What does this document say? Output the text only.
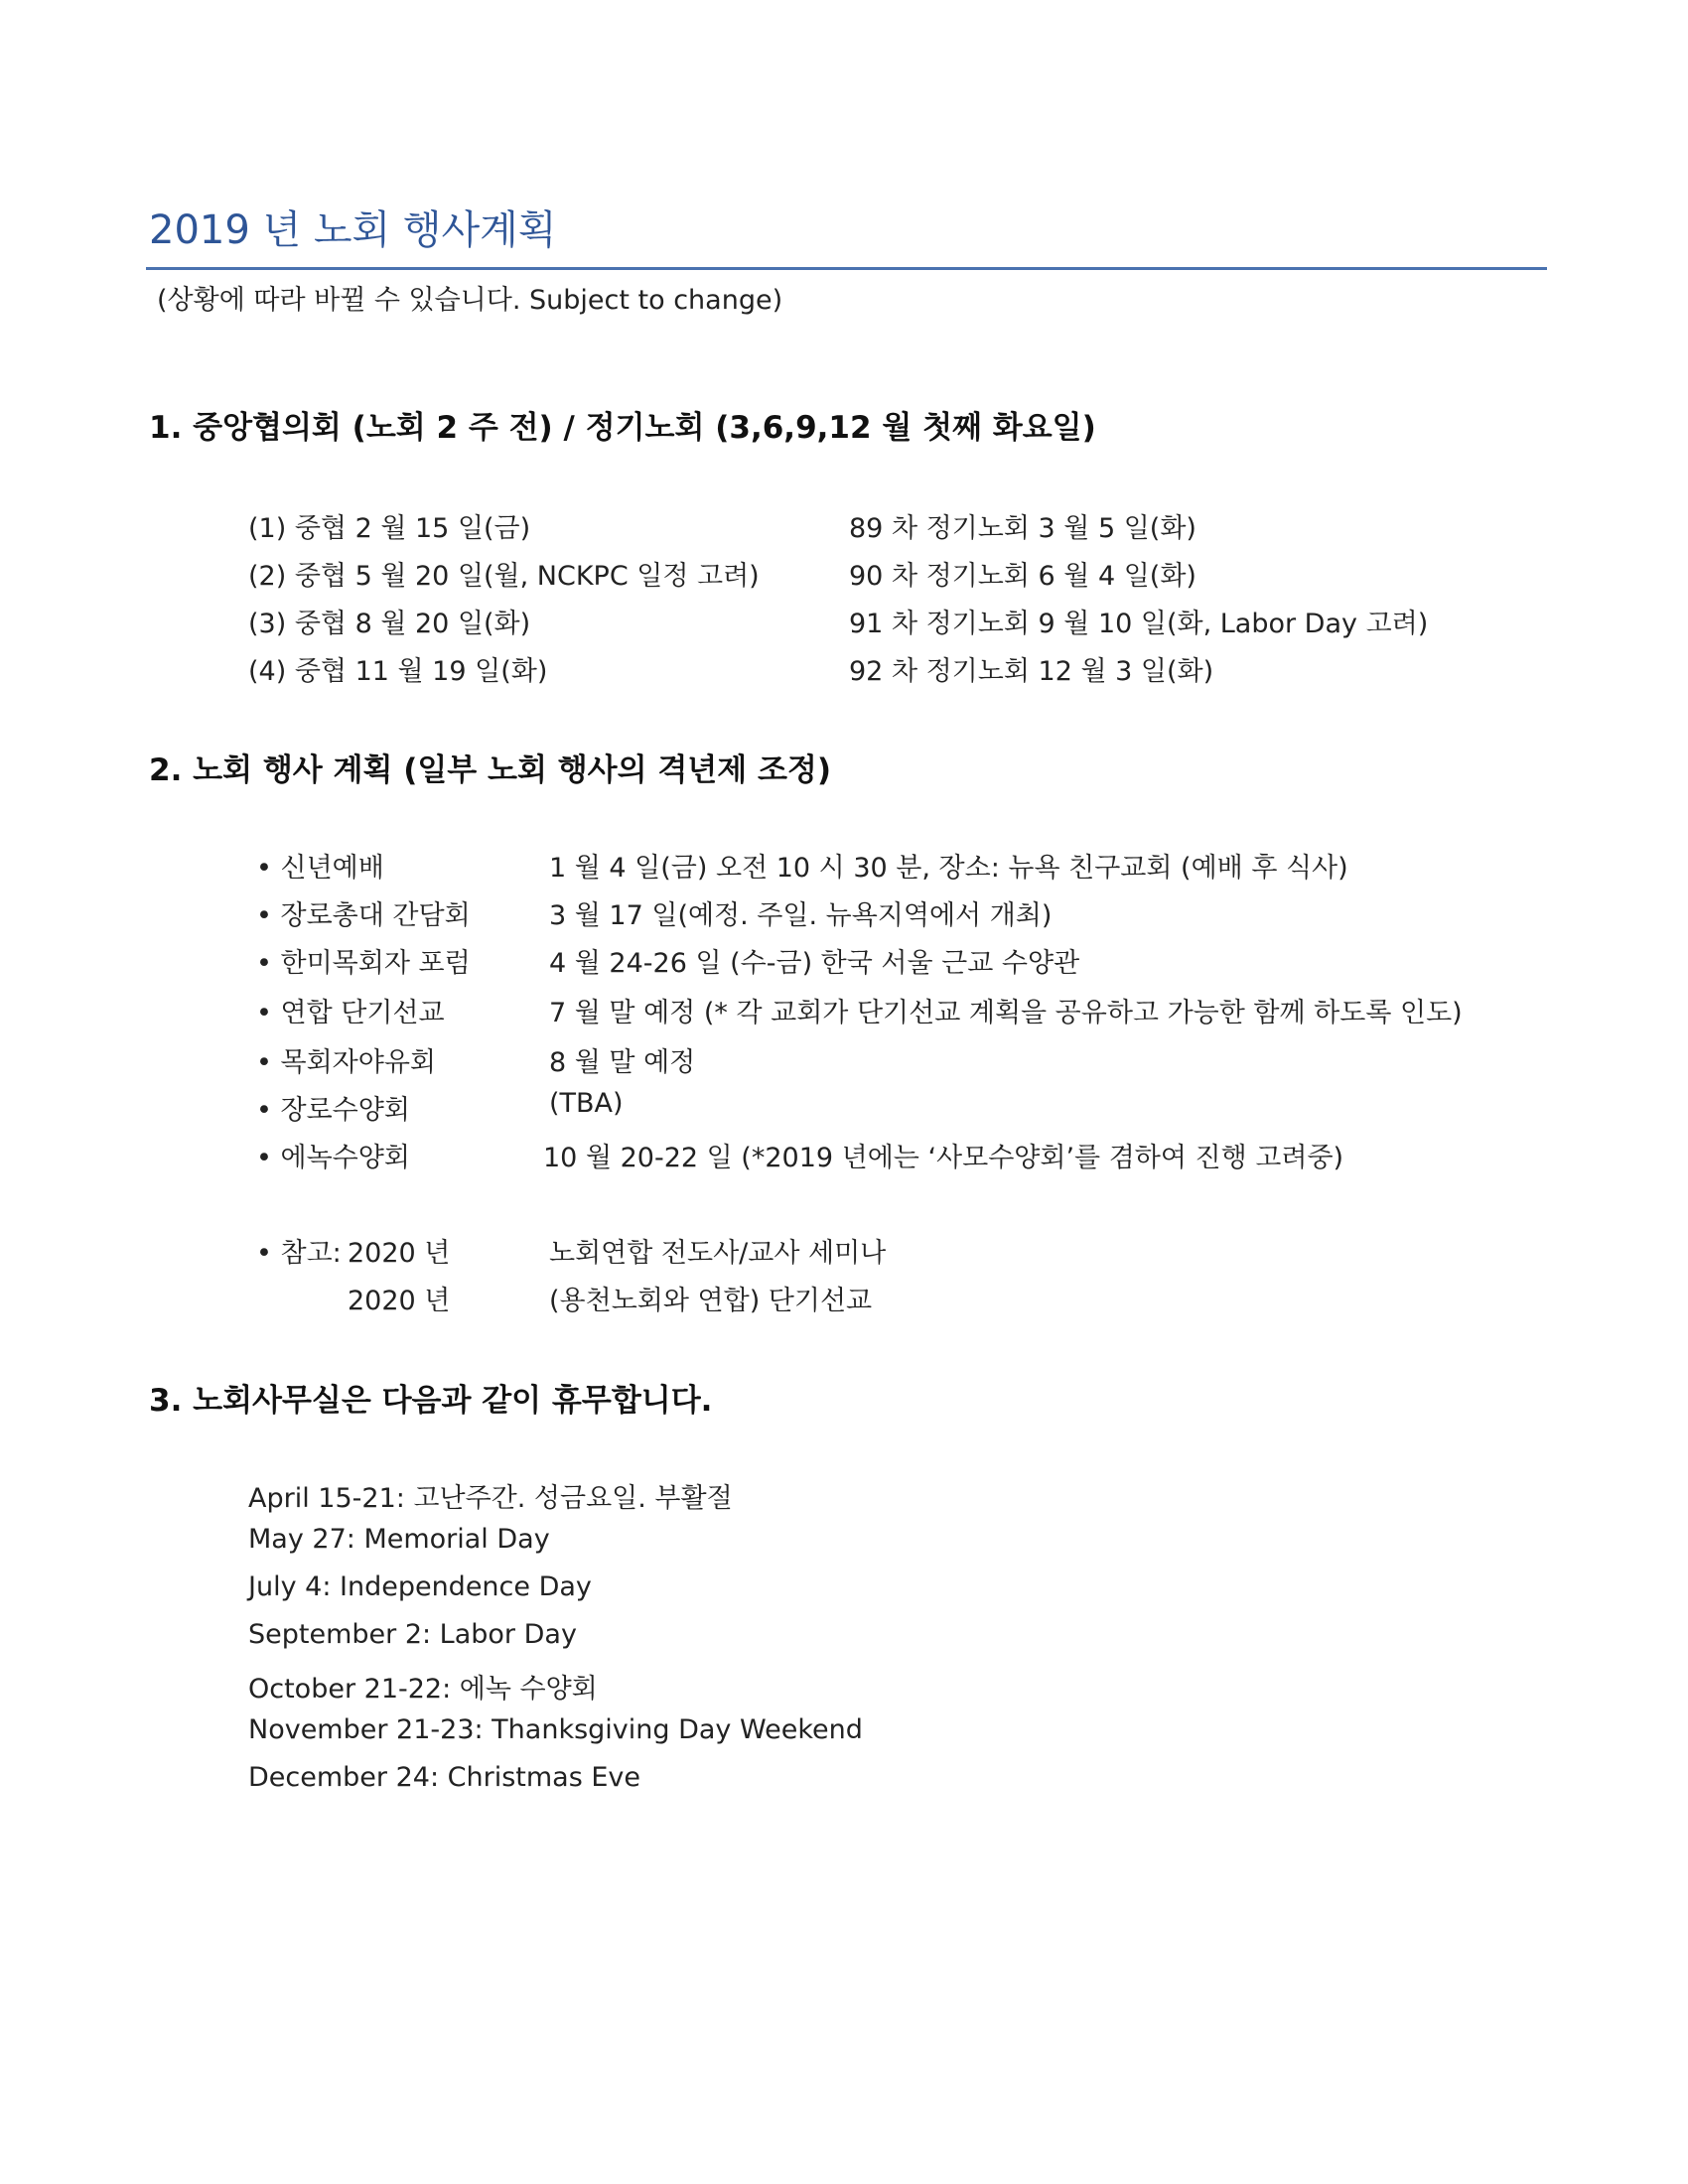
2019 년 노회 행사계획
(상황에 따라 바뀔 수 있습니다. Subject to change)
1. 중앙협의회 (노회 2 주 전) / 정기노회 (3,6,9,12 월 첫째 화요일)
(1) 중협 2 월 15 일(금)	89 차 정기노회 3 월 5 일(화)
(2) 중협 5 월 20 일(월, NCKPC 일정 고려)	90 차 정기노회 6 월 4 일(화)
(3) 중협 8 월 20 일(화)	91 차 정기노회 9 월 10 일(화, Labor Day 고려)
(4) 중협 11 월 19 일(화)	92 차 정기노회 12 월 3 일(화)
2. 노회 행사 계획 (일부 노회 행사의 격년제 조정)
• 신년예배	1 월 4 일(금) 오전 10 시 30 분, 장소: 뉴욕 친구교회 (예배 후 식사)
• 장로총대 간담회	3 월 17 일(예정. 주일. 뉴욕지역에서 개최)
• 한미목회자 포럼	4 월 24-26 일 (수-금) 한국 서울 근교 수양관
• 연합 단기선교	7 월 말 예정 (* 각 교회가 단기선교 계획을 공유하고 가능한 함께 하도록 인도)
• 목회자야유회	8 월 말 예정
• 장로수양회	(TBA)
• 에녹수양회	10 월 20-22 일 (*2019 년에는 ‘사모수양회’를 겸하여 진행 고려중)
• 참고: 2020 년	노회연합 전도사/교사 세미나
2020 년	(용천노회와 연합) 단기선교
3. 노회사무실은 다음과 같이 휴무합니다.
April 15-21: 고난주간. 성금요일. 부활절
May 27: Memorial Day
July 4: Independence Day
September 2: Labor Day
October 21-22: 에녹 수양회
November 21-23: Thanksgiving Day Weekend
December 24: Christmas Eve
